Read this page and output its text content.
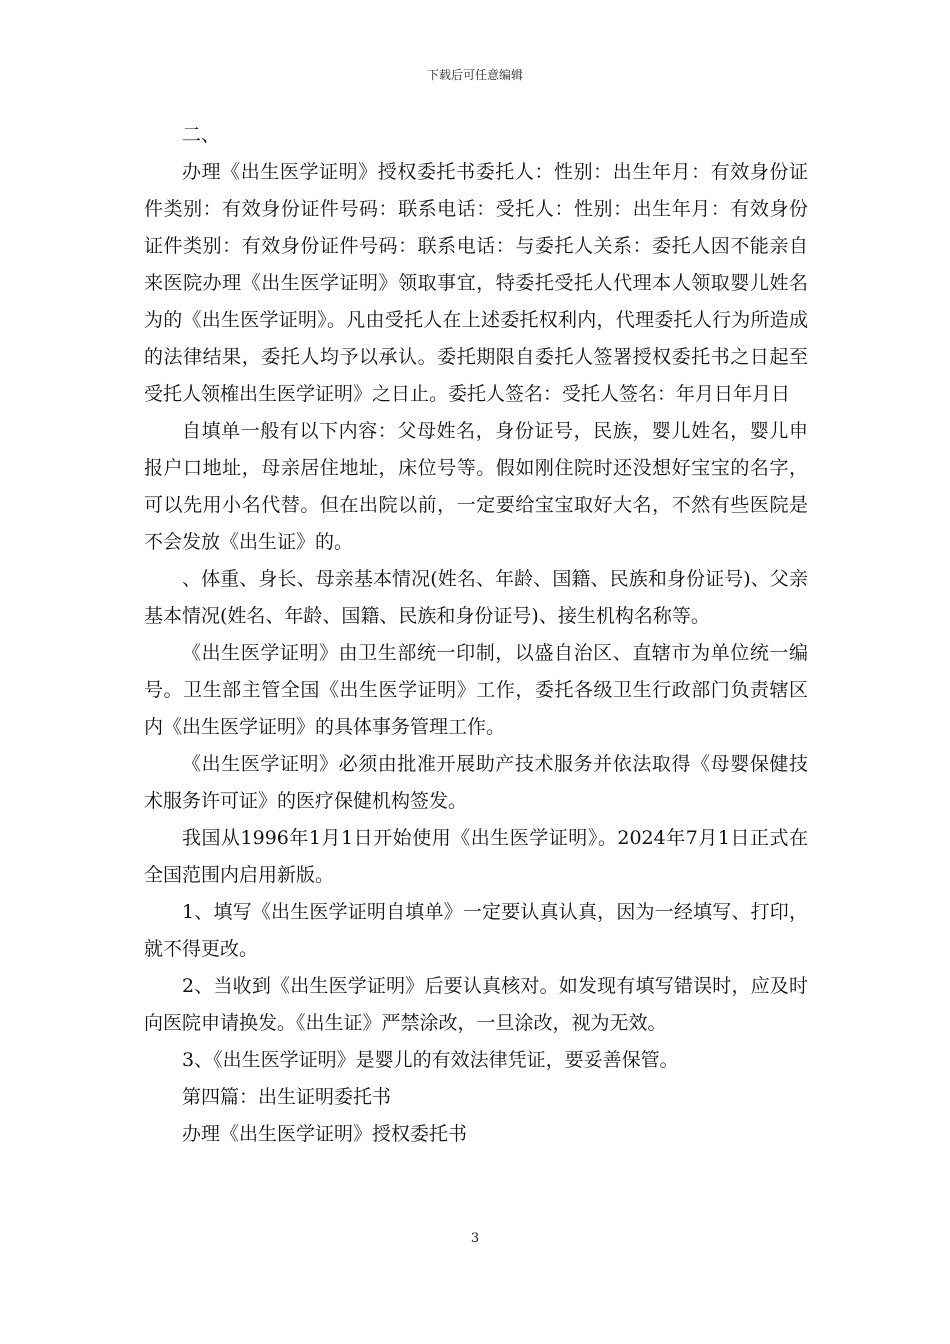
下载后可任意编辑

二、

办理《出生医学证明》授权委托书委托人：性别：出生年月：有效身份证件类别：有效身份证件号码：联系电话：受托人：性别：出生年月：有效身份证件类别：有效身份证件号码：联系电话：与委托人关系：委托人因不能亲自来医院办理《出生医学证明》领取事宜，特委托受托人代理本人领取婴儿姓名为的《出生医学证明》。凡由受托人在上述委托权利内，代理委托人行为所造成的法律结果，委托人均予以承认。委托期限自委托人签署授权委托书之日起至受托人领榷出生医学证明》之日止。委托人签名：受托人签名：年月日年月日

自填单一般有以下内容：父母姓名，身份证号，民族，婴儿姓名，婴儿申报户口地址，母亲居住地址，床位号等。假如刚住院时还没想好宝宝的名字，可以先用小名代替。但在出院以前，一定要给宝宝取好大名，不然有些医院是不会发放《出生证》的。

、体重、身长、母亲基本情况(姓名、年龄、国籍、民族和身份证号)、父亲基本情况(姓名、年龄、国籍、民族和身份证号)、接生机构名称等。

《出生医学证明》由卫生部统一印制，以盛自治区、直辖市为单位统一编号。卫生部主管全国《出生医学证明》工作，委托各级卫生行政部门负责辖区内《出生医学证明》的具体事务管理工作。

《出生医学证明》必须由批准开展助产技术服务并依法取得《母婴保健技术服务许可证》的医疗保健机构签发。

我国从1996年1月1日开始使用《出生医学证明》。2024年7月1日正式在全国范围内启用新版。

1、填写《出生医学证明自填单》一定要认真认真，因为一经填写、打印，就不得更改。

2、当收到《出生医学证明》后要认真核对。如发现有填写错误时，应及时向医院申请换发。《出生证》严禁涂改，一旦涂改，视为无效。

3、《出生医学证明》是婴儿的有效法律凭证，要妥善保管。

第四篇：出生证明委托书

办理《出生医学证明》授权委托书

3
